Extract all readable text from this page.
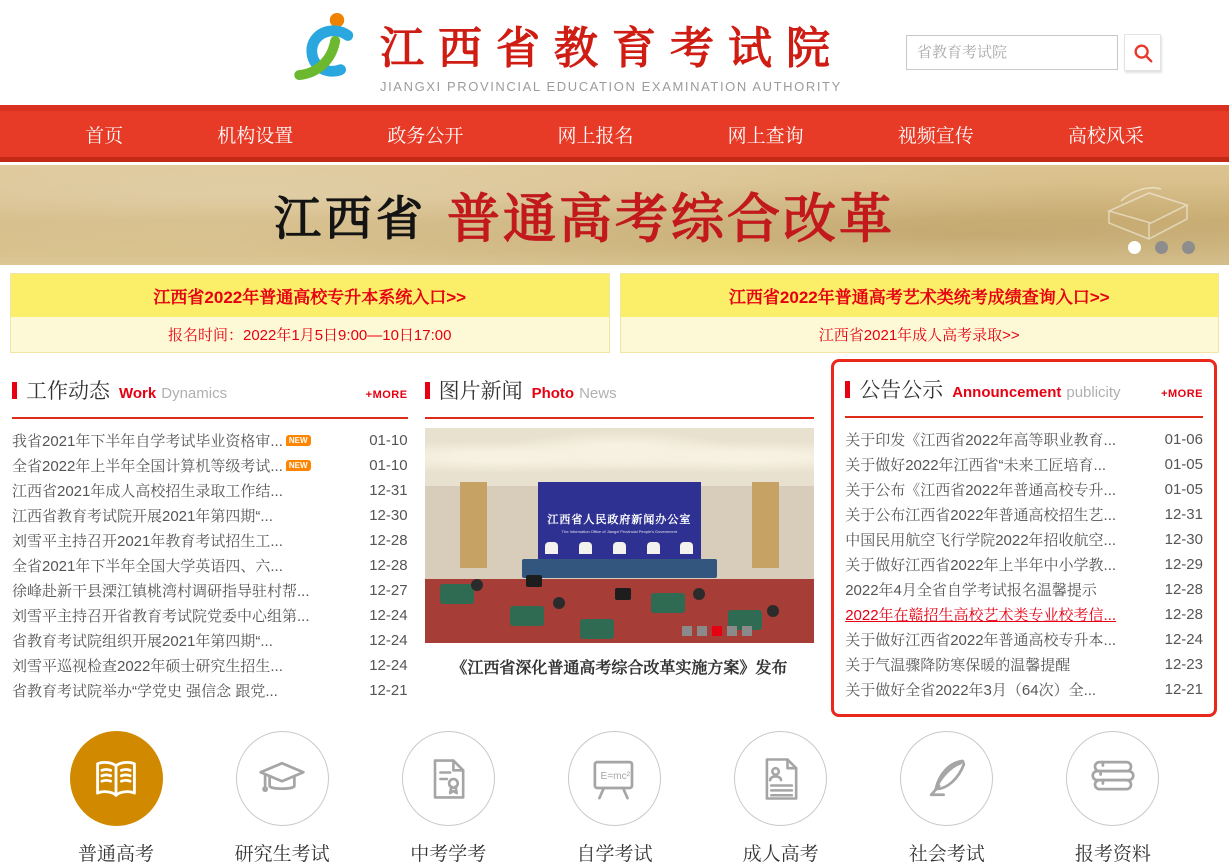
江西省教育考试院
JIANGXI PROVINCIAL EDUCATION EXAMINATION AUTHORITY
省教育考试院
首页	机构设置	政务公开	网上报名	网上查询	视频宣传	高校风采
江西省 普通高考综合改革
江西省2022年普通高校专升本系统入口>>
报名时间：2022年1月5日9:00—10日17:00
江西省2022年普通高考艺术类统考成绩查询入口>>
江西省2021年成人高考录取>>
工作动态 Work Dynamics	+MORE
我省2021年下半年自学考试毕业资格审... NEW	01-10
全省2022年上半年全国计算机等级考试... NEW	01-10
江西省2021年成人高校招生录取工作结...	12-31
江西省教育考试院开展2021年第四期“...	12-30
刘雪平主持召开2021年教育考试招生工...	12-28
全省2021年下半年全国大学英语四、六...	12-28
徐峰赴新干县溧江镇桃湾村调研指导驻村帮...	12-27
刘雪平主持召开省教育考试院党委中心组第...	12-24
省教育考试院组织开展2021年第四期“...	12-24
刘雪平巡视检查2022年硕士研究生招生...	12-24
省教育考试院举办“学党史 强信念 跟党...	12-21
图片新闻 Photo News
江西省人民政府新闻办公室
The Information Office of Jiangxi Provincial People's Government
《江西省深化普通高考综合改革实施方案》发布
公告公示 Announcement publicity	+MORE
关于印发《江西省2022年高等职业教育...	01-06
关于做好2022年江西省“未来工匠培育...	01-05
关于公布《江西省2022年普通高校专升...	01-05
关于公布江西省2022年普通高校招生艺...	12-31
中国民用航空飞行学院2022年招收航空...	12-30
关于做好江西省2022年上半年中小学教...	12-29
2022年4月全省自学考试报名温馨提示	12-28
2022年在赣招生高校艺术类专业校考信...	12-28
关于做好江西省2022年普通高校专升本...	12-24
关于气温骤降防寒保暖的温馨提醒	12-23
关于做好全省2022年3月（64次）全...	12-21
普通高考	研究生考试	中考学考
E=mc²
自学考试	成人高考	社会考试	报考资料
